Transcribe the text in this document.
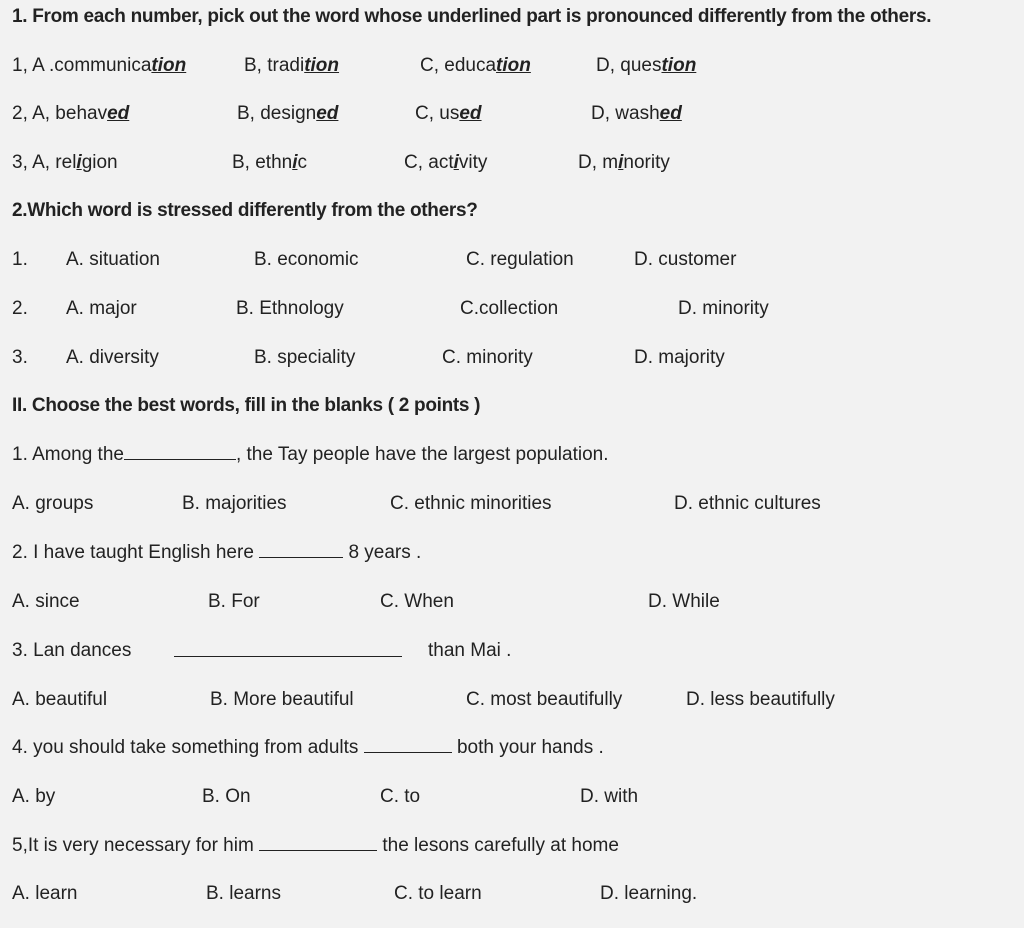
1. From each number, pick out the word whose underlined part is pronounced differently from the others.
1, A .communication	B, tradition	C, education	D, question
2, A, behaved	B, designed	C, used	D, washed
3, A, religion	B, ethnic	C, activity	D, minority
2.Which word is stressed differently from the others?
1. A. situation	B. economic	C. regulation	D. customer
2. A. major	B. Ethnology	C.collection	D. minority
3. A. diversity	B. speciality	C. minority	D. majority
II. Choose the best words, fill in the blanks ( 2 points )
1. Among the	, the Tay people have the largest population.
A. groups	B. majorities	C. ethnic minorities	D. ethnic cultures
2. I have taught English here	8 years .
A. since	B. For	C. When	D. While
3. Lan dances	than Mai .
A. beautiful	B. More beautiful	C. most beautifully	D. less beautifully
4. you should take something from adults	both your hands .
A. by	B. On	C. to	D. with
5,It is very necessary for him	the lesons carefully at home
A. learn	B. learns	C. to learn	D. learning.
